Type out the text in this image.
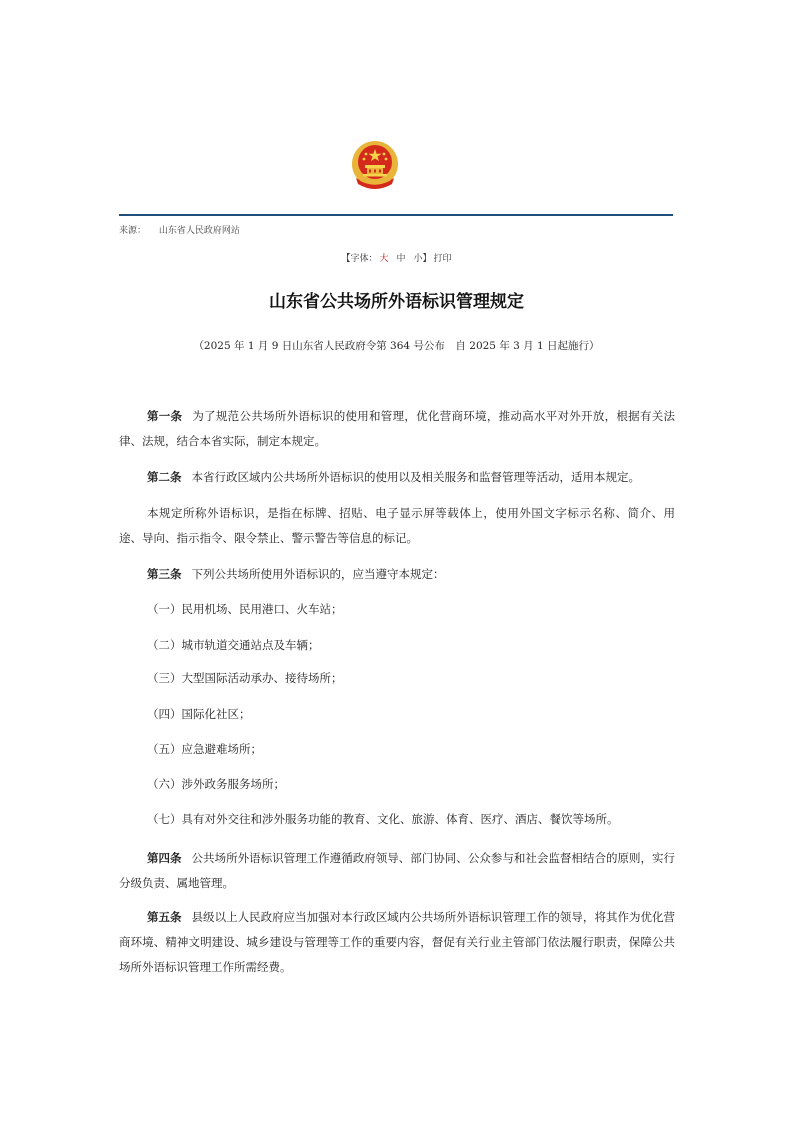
来源： 山东省人民政府网站
【字体： 大 中 小】 打印
山东省公共场所外语标识管理规定
（2025 年 1 月 9 日山东省人民政府令第 364 号公布　自 2025 年 3 月 1 日起施行）

第一条 为了规范公共场所外语标识的使用和管理，优化营商环境，推动高水平对外开放，根据有关法律、法规，结合本省实际，制定本规定。

第二条 本省行政区域内公共场所外语标识的使用以及相关服务和监督管理等活动，适用本规定。

本规定所称外语标识，是指在标牌、招贴、电子显示屏等载体上，使用外国文字标示名称、简介、用途、导向、指示指令、限令禁止、警示警告等信息的标记。

第三条 下列公共场所使用外语标识的，应当遵守本规定：

（一）民用机场、民用港口、火车站；

（二）城市轨道交通站点及车辆；

（三）大型国际活动承办、接待场所；

（四）国际化社区；

（五）应急避难场所；

（六）涉外政务服务场所；

（七）具有对外交往和涉外服务功能的教育、文化、旅游、体育、医疗、酒店、餐饮等场所。

第四条 公共场所外语标识管理工作遵循政府领导、部门协同、公众参与和社会监督相结合的原则，实行分级负责、属地管理。

第五条 县级以上人民政府应当加强对本行政区域内公共场所外语标识管理工作的领导，将其作为优化营商环境、精神文明建设、城乡建设与管理等工作的重要内容，督促有关行业主管部门依法履行职责，保障公共场所外语标识管理工作所需经费。
